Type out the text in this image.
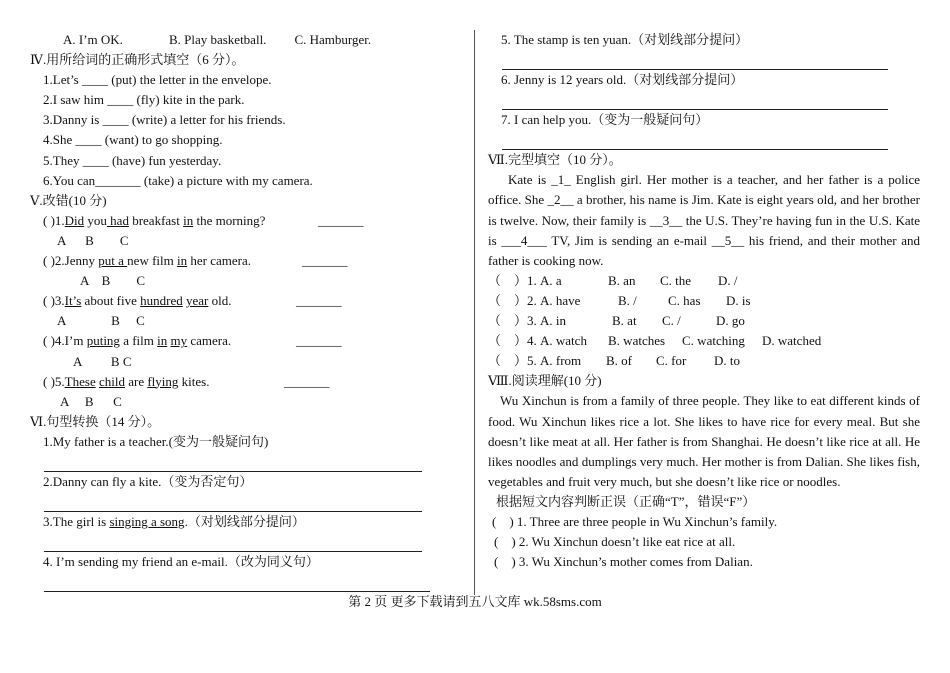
A. I’m OK.	B. Play basketball. C. Hamburger.
Ⅳ.用所给词的正确形式填空（6 分）。
1.Let’s ____ (put) the letter in the envelope.
2.I saw him ____ (fly) kite in the park.
3.Danny is ____ (write) a letter for his friends.
4.She ____ (want) to go shopping.
5.They ____ (have) fun yesterday.
6.You can_______ (take) a picture with my camera.
Ⅴ.改错(10 分)
( )1.Did you had breakfast in the morning?	_______
A      B        C
( )2.Jenny put a new film in her camera.	_______
A    B        C
( )3.It’s about five hundred year old.	_______
A              B     C
( )4.I’m puting a film in my camera.	_______
A         B C
( )5.These child are flying kites.	_______
A     B      C
Ⅵ.句型转换（14 分）。
1.My father is a teacher.(变为一般疑问句)
2.Danny can fly a kite.（变为否定句）
3.The girl is singing a song.（对划线部分提问）
4. I’m sending my friend an e-mail.（改为同义句）
5. The stamp is ten yuan.（对划线部分提问）
6. Jenny is 12 years old.（对划线部分提问）
7. I can help you.（变为一般疑问句）
Ⅶ.完型填空（10 分）。
Kate is _1_ English girl. Her mother is a teacher, and her father is a police office. She _2__ a brother, his name is Jim. Kate is eight years old, and her brother is twelve. Now, their family is __3__ the U.S. They’re having fun in the U.S. Kate is ___4___ TV, Jim is sending an e-mail __5__ his friend, and their mother and father is cooking now.
（    ）1. A. a	B. an C. the D. /
（    ）2. A. have	B. / C. has D. is
（    ）3. A. in	B. at C. /	D. go
（    ）4. A. watch B. watches C. watching D. watched
（    ）5. A. from B. of C. for D. to
Ⅷ.阅读理解(10 分)
Wu Xinchun is from a family of three people. They like to eat different kinds of food. Wu Xinchun likes rice a lot. She likes to have rice for every meal. But she doesn’t like meat at all. Her father is from Shanghai. He doesn’t like rice at all. He likes noodles and dumplings very much. Her mother is from Dalian. She likes fish, vegetables and fruit very much, but she doesn’t like rice or noodles.
根据短文内容判断正误（正确“T”，错误“F”）
(    ) 1. Three are three people in Wu Xinchun’s family.
(    ) 2. Wu Xinchun doesn’t like eat rice at all.
(    ) 3. Wu Xinchun’s mother comes from Dalian.
第 2 页 更多下载请到五八文库 wk.58sms.com
